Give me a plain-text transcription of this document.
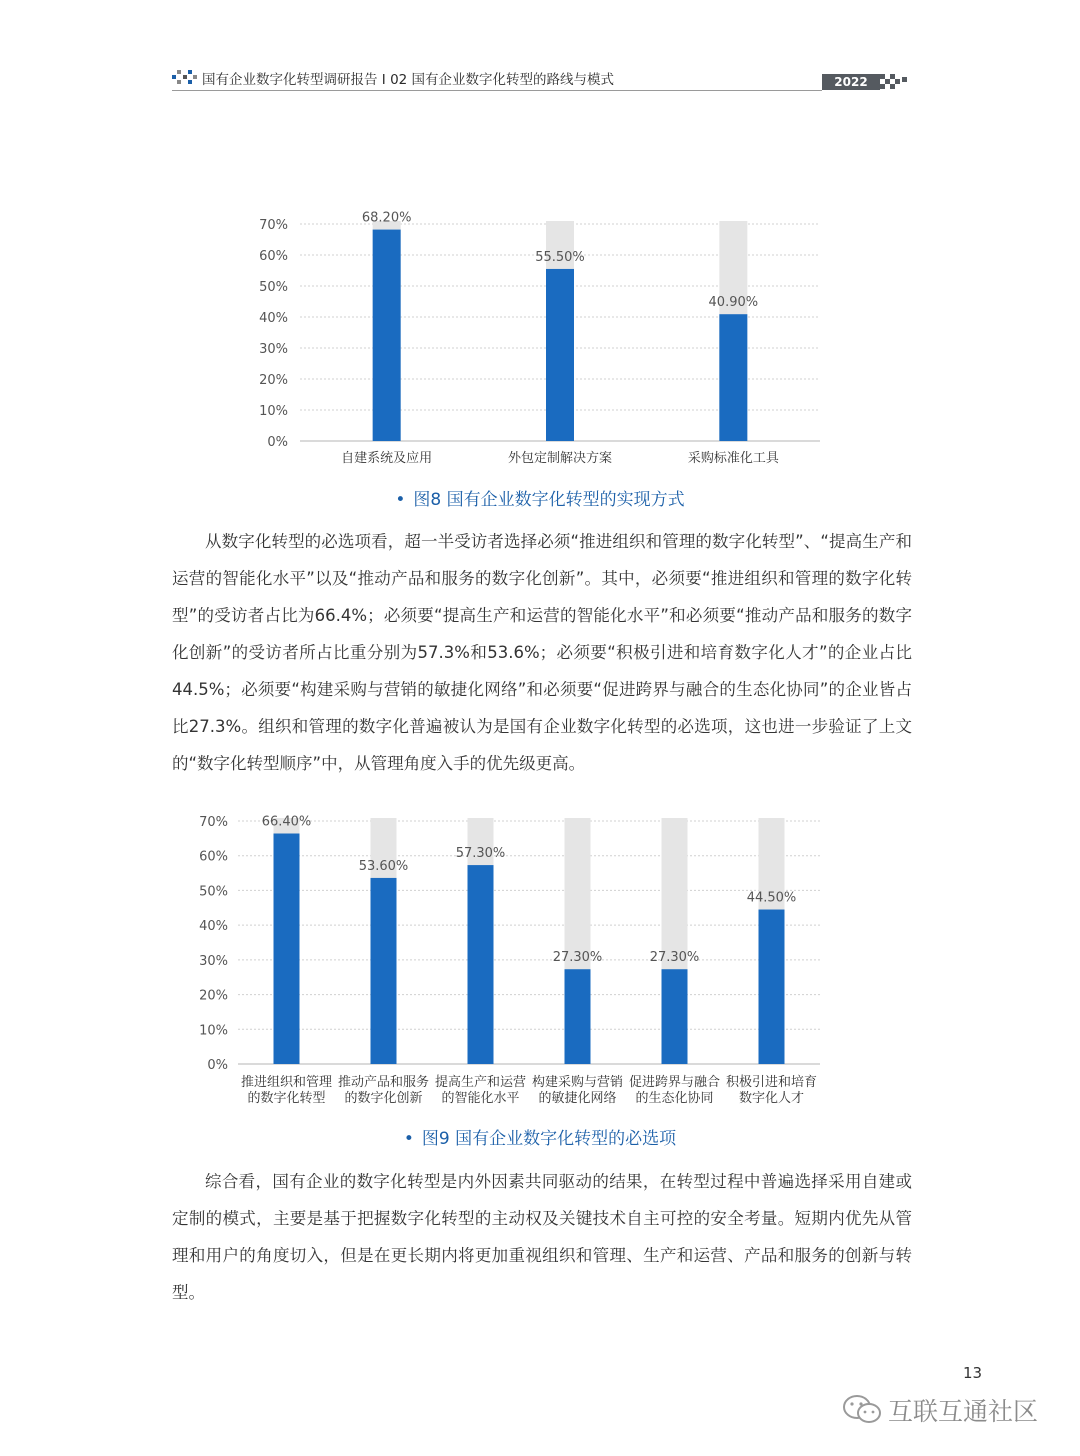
国有企业数字化转型调研报告 I 02 国有企业数字化转型的路线与模式	2022
0%
10%
20%
30%
40%
50%
60%
70%	68.20%
自建系统及应用
55.50%
外包定制解决方案
40.90%
采购标准化工具
• 图8 国有企业数字化转型的实现方式

从数字化转型的必选项看，超一半受访者选择必须“推进组织和管理的数字化转型”、“提高生产和运营的智能化水平”以及“推动产品和服务的数字化创新”。其中，必须要“推进组织和管理的数字化转型”的受访者占比为66.4%；必须要“提高生产和运营的智能化水平”和必须要“推动产品和服务的数字化创新”的受访者所占比重分别为57.3%和53.6%；必须要“积极引进和培育数字化人才”的企业占比44.5%；必须要“构建采购与营销的敏捷化网络”和必须要“促进跨界与融合的生态化协同”的企业皆占比27.3%。组织和管理的数字化普遍被认为是国有企业数字化转型的必选项，这也进一步验证了上文的“数字化转型顺序”中，从管理角度入手的优先级更高。

0%
10%
20%
30%
40%
50%
60%
70%	66.40%
推进组织和管理
的数字化转型
53.60%
推动产品和服务
的数字化创新
57.30%
提高生产和运营
的智能化水平
27.30%
构建采购与营销
的敏捷化网络
27.30%
促进跨界与融合
的生态化协同
44.50%
积极引进和培育
数字化人才
• 图9 国有企业数字化转型的必选项

综合看，国有企业的数字化转型是内外因素共同驱动的结果，在转型过程中普遍选择采用自建或定制的模式，主要是基于把握数字化转型的主动权及关键技术自主可控的安全考量。短期内优先从管理和用户的角度切入，但是在更长期内将更加重视组织和管理、生产和运营、产品和服务的创新与转型。

13
互联互通社区
